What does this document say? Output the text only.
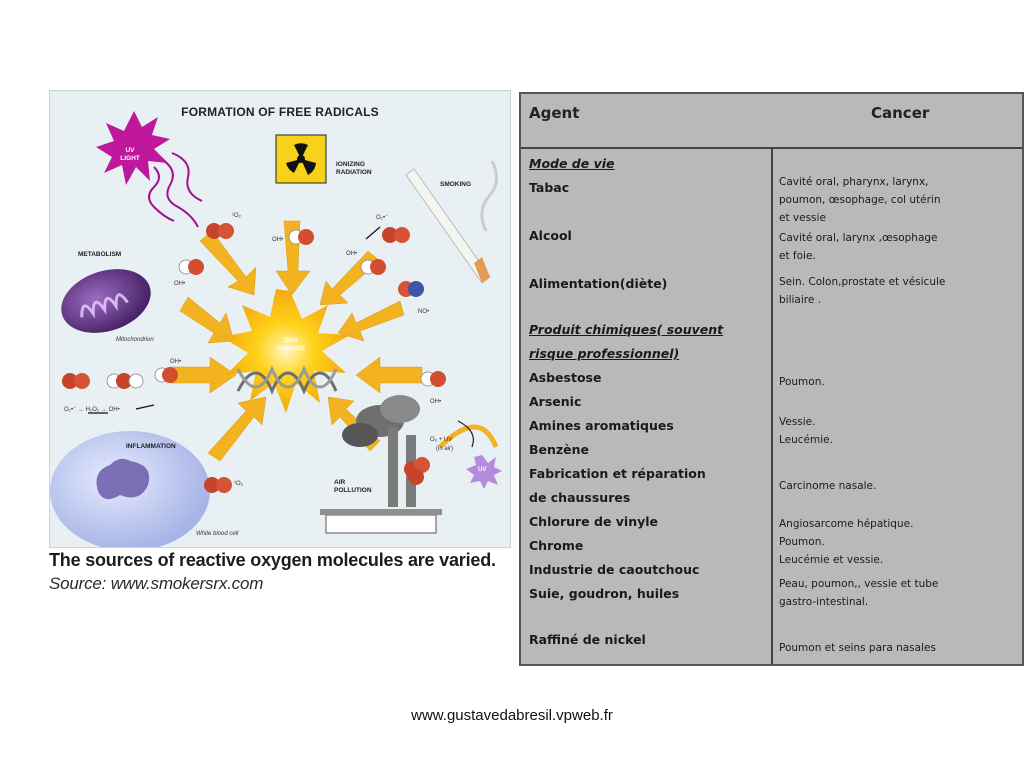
FORMATION OF FREE RADICALS
UV LIGHT
IONIZING RADIATION
SMOKING
METABOLISM
Mitochondrion	DNA DAMAGE
INFLAMMATION
White blood cell
AIR POLLUTION
UV
¹O₂
¹O₂
OH•
OH•
OH•
OH•
OH•
O₂•⁻
NO•
O₂•⁻ → H₂O₂ → OH•
O₃ + UV
(in air)
The sources of reactive oxygen molecules are varied.
Source: www.smokersrx.com
Agent	Cancer
Mode de vie
Tabac
Alcool
Alimentation(diète)
Produit chimiques( souvent
risque professionnel)
Asbestose
Arsenic
Amines aromatiques
Benzène
Fabrication et réparation
de chaussures
Chlorure de vinyle
Chrome
Industrie de caoutchouc
Suie, goudron, huiles
Raffiné de nickel
Cavité oral, pharynx, larynx,
poumon, œsophage, col utérin
et vessie
Cavité oral, larynx ,œsophage
et foie.
Sein. Colon,prostate et vésicule
biliaire .
Poumon.
Vessie.
Leucémie.
Carcinome nasale.
Angiosarcome hépatique.
Poumon.
Leucémie et vessie.
Peau, poumon,, vessie et tube
gastro-intestinal.
Poumon et seins para nasales
www.gustavedabresil.vpweb.fr
